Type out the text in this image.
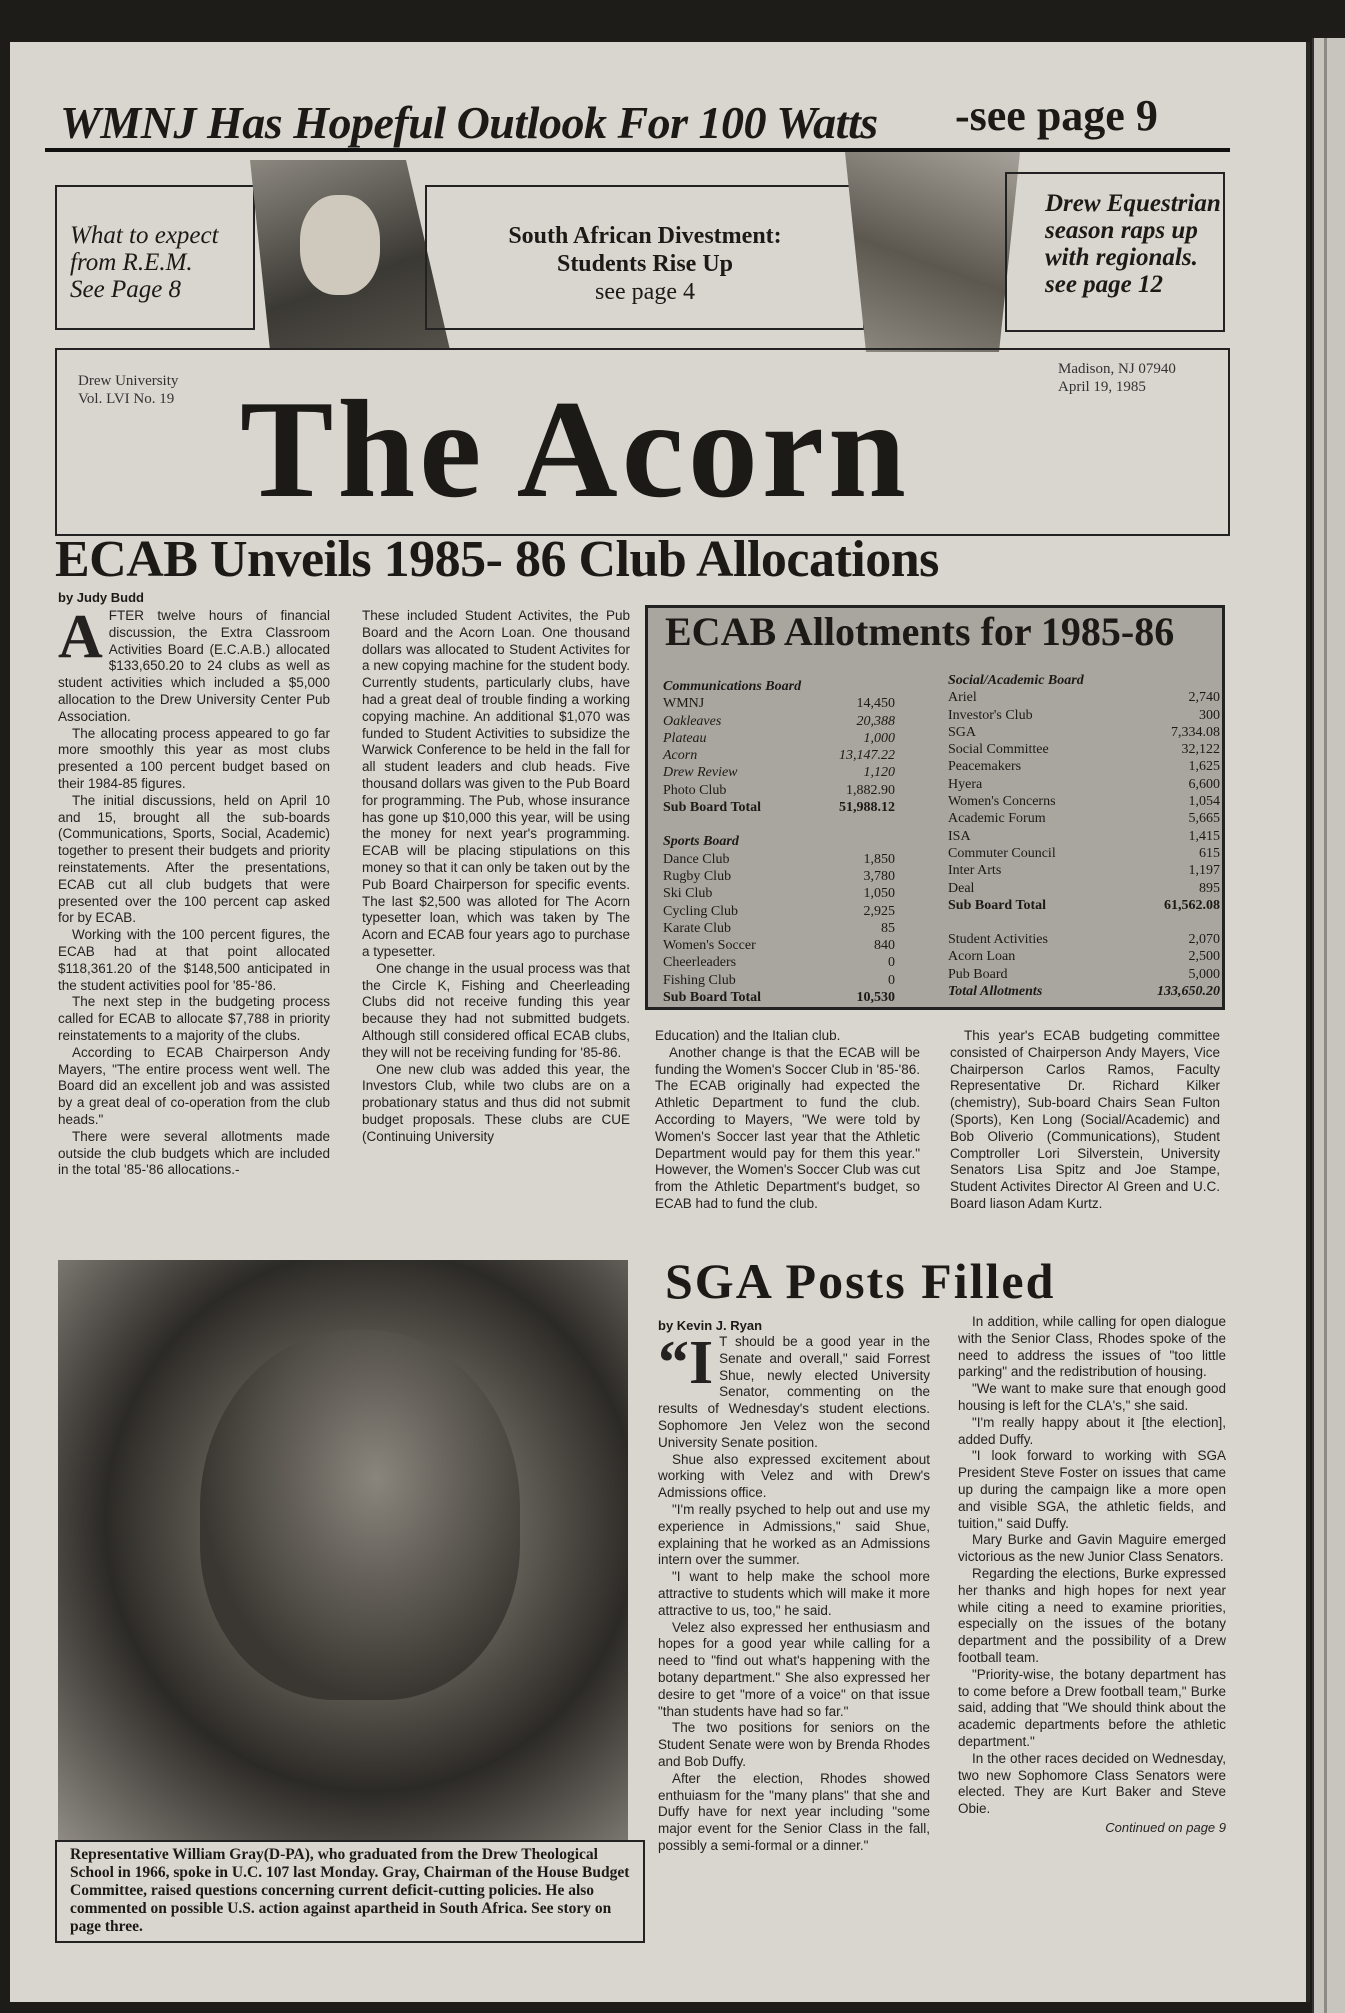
WMNJ Has Hopeful Outlook For 100 Watts -see page 9
What to expect
from R.E.M.
See Page 8
South African Divestment:
Students Rise Up
see page 4
Drew Equestrian
season raps up
with regionals.
see page 12
Drew University
Vol. LVI No. 19
Madison, NJ 07940
April 19, 1985
The Acorn
ECAB Unveils 1985- 86 Club Allocations
by Judy Budd
A FTER twelve hours of financial discussion, the Extra Classroom Activities Board (E.C.A.B.) allocated $133,650.20 to 24 clubs as well as student activities which included a $5,000 allocation to the Drew University Center Pub Association.

The allocating process appeared to go far more smoothly this year as most clubs presented a 100 percent budget based on their 1984-85 figures.

The initial discussions, held on April 10 and 15, brought all the sub-boards (Communications, Sports, Social, Academic) together to present their budgets and priority reinstatements. After the presentations, ECAB cut all club budgets that were presented over the 100 percent cap asked for by ECAB.

Working with the 100 percent figures, the ECAB had at that point allocated $118,361.20 of the $148,500 anticipated in the student activities pool for '85-'86.

The next step in the budgeting process called for ECAB to allocate $7,788 in priority reinstatements to a majority of the clubs.

According to ECAB Chairperson Andy Mayers, "The entire process went well. The Board did an excellent job and was assisted by a great deal of co-operation from the club heads."

There were several allotments made outside the club budgets which are included in the total '85-'86 allocations.-

These included Student Activites, the Pub Board and the Acorn Loan. One thousand dollars was allocated to Student Activites for a new copying machine for the student body. Currently students, particularly clubs, have had a great deal of trouble finding a working copying machine. An additional $1,070 was funded to Student Activities to subsidize the Warwick Conference to be held in the fall for all student leaders and club heads. Five thousand dollars was given to the Pub Board for programming. The Pub, whose insurance has gone up $10,000 this year, will be using the money for next year's programming. ECAB will be placing stipulations on this money so that it can only be taken out by the Pub Board Chairperson for specific events. The last $2,500 was alloted for The Acorn typesetter loan, which was taken by The Acorn and ECAB four years ago to purchase a typesetter.

One change in the usual process was that the Circle K, Fishing and Cheerleading Clubs did not receive funding this year because they had not submitted budgets. Although still considered offical ECAB clubs, they will not be receiving funding for '85-86.

One new club was added this year, the Investors Club, while two clubs are on a probationary status and thus did not submit budget proposals. These clubs are CUE (Continuing University

Education) and the Italian club.

Another change is that the ECAB will be funding the Women's Soccer Club in '85-'86. The ECAB originally had expected the Athletic Department to fund the club. According to Mayers, "We were told by Women's Soccer last year that the Athletic Department would pay for them this year." However, the Women's Soccer Club was cut from the Athletic Department's budget, so ECAB had to fund the club.

This year's ECAB budgeting committee consisted of Chairperson Andy Mayers, Vice Chairperson Carlos Ramos, Faculty Representative Dr. Richard Kilker (chemistry), Sub-board Chairs Sean Fulton (Sports), Ken Long (Social/Academic) and Bob Oliverio (Communications), Student Comptroller Lori Silverstein, University Senators Lisa Spitz and Joe Stampe, Student Activites Director Al Green and U.C. Board liason Adam Kurtz.

ECAB Allotments for 1985-86
Communications Board
WMNJ	14,450
Oakleaves	20,388
Plateau	1,000
Acorn	13,147.22
Drew Review	1,120
Photo Club	1,882.90
Sub Board Total	51,988.12
Sports Board
Dance Club	1,850
Rugby Club	3,780
Ski Club	1,050
Cycling Club	2,925
Karate Club	85
Women's Soccer	840
Cheerleaders	0
Fishing Club	0
Sub Board Total	10,530
Social/Academic Board
Ariel	2,740
Investor's Club	300
SGA	7,334.08
Social Committee	32,122
Peacemakers	1,625
Hyera	6,600
Women's Concerns	1,054
Academic Forum	5,665
ISA	1,415
Commuter Council	615
Inter Arts	1,197
Deal	895
Sub Board Total	61,562.08
Student Activities	2,070
Acorn Loan	2,500
Pub Board	5,000
Total Allotments	133,650.20
Representative William Gray(D-PA), who graduated from the Drew Theological School in 1966, spoke in U.C. 107 last Monday. Gray, Chairman of the House Budget Committee, raised questions concerning current deficit-cutting policies. He also commented on possible U.S. action against apartheid in South Africa. See story on page three.
SGA Posts Filled
by Kevin J. Ryan
“I T should be a good year in the Senate and overall," said Forrest Shue, newly elected University Senator, commenting on the results of Wednesday's student elections. Sophomore Jen Velez won the second University Senate position.

Shue also expressed excitement about working with Velez and with Drew's Admissions office.

"I'm really psyched to help out and use my experience in Admissions," said Shue, explaining that he worked as an Admissions intern over the summer.

"I want to help make the school more attractive to students which will make it more attractive to us, too," he said.

Velez also expressed her enthusiasm and hopes for a good year while calling for a need to "find out what's happening with the botany department." She also expressed her desire to get "more of a voice" on that issue "than students have had so far."

The two positions for seniors on the Student Senate were won by Brenda Rhodes and Bob Duffy.

After the election, Rhodes showed enthuiasm for the "many plans" that she and Duffy have for next year including "some major event for the Senior Class in the fall, possibly a semi-formal or a dinner."

In addition, while calling for open dialogue with the Senior Class, Rhodes spoke of the need to address the issues of "too little parking" and the redistribution of housing.

"We want to make sure that enough good housing is left for the CLA's," she said.

"I'm really happy about it [the election], added Duffy.

"I look forward to working with SGA President Steve Foster on issues that came up during the campaign like a more open and visible SGA, the athletic fields, and tuition," said Duffy.

Mary Burke and Gavin Maguire emerged victorious as the new Junior Class Senators.

Regarding the elections, Burke expressed her thanks and high hopes for next year while citing a need to examine priorities, especially on the issues of the botany department and the possibility of a Drew football team.

"Priority-wise, the botany department has to come before a Drew football team," Burke said, adding that "We should think about the academic departments before the athletic department."

In the other races decided on Wednesday, two new Sophomore Class Senators were elected. They are Kurt Baker and Steve Obie.

Continued on page 9
